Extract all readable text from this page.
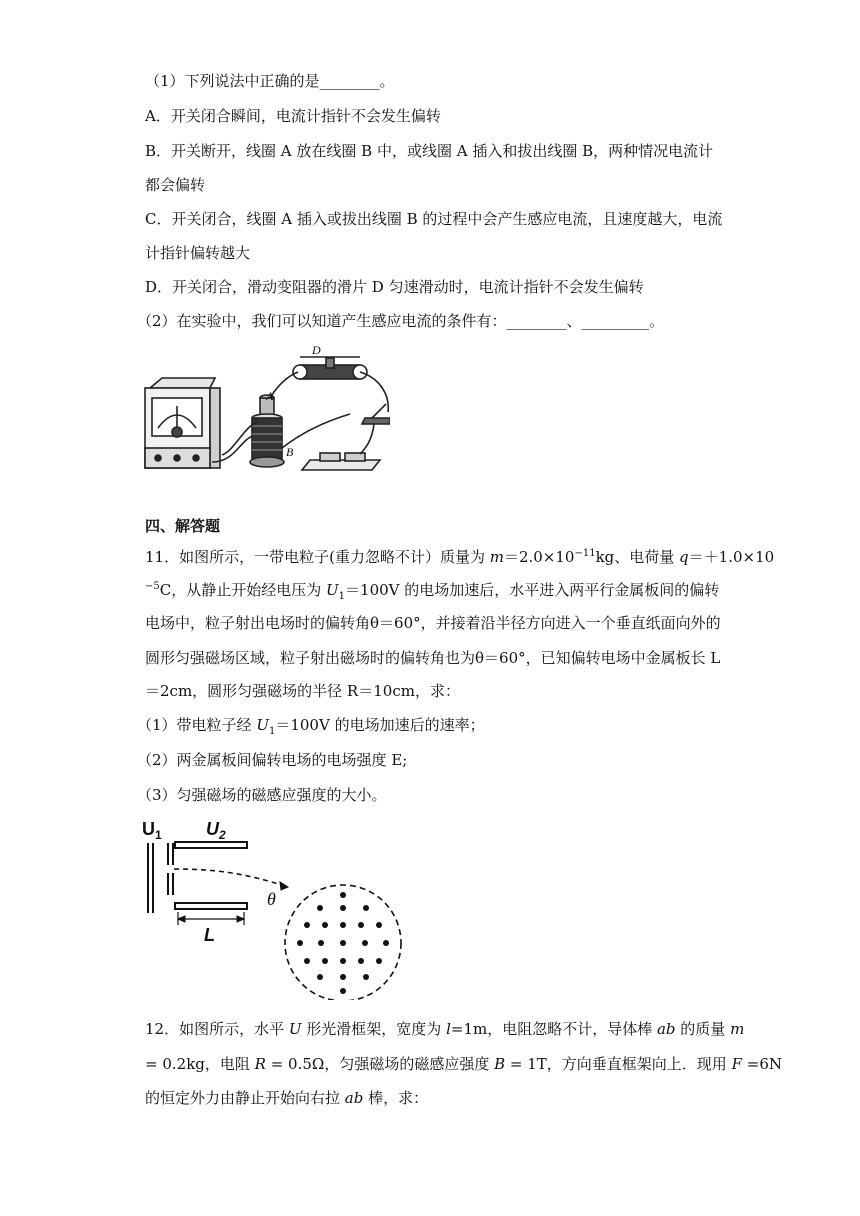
（1）下列说法中正确的是________。
A．开关闭合瞬间，电流计指针不会发生偏转
B．开关断开，线圈 A 放在线圈 B 中，或线圈 A 插入和拔出线圈 B，两种情况电流计
都会偏转
C．开关闭合，线圈 A 插入或拔出线圈 B 的过程中会产生感应电流，且速度越大，电流
计指针偏转越大
D．开关闭合，滑动变阻器的滑片 D 匀速滑动时，电流计指针不会发生偏转
（2）在实验中，我们可以知道产生感应电流的条件有：________、_________。
D
A
B
四、解答题
11．如图所示，一带电粒子(重力忽略不计）质量为 $m=2.0\times 10^{-11}kg$、电荷量 q＝＋1.0×10
$^{-5}$C，从静止开始经电压为 $U_1=100V$ 的电场加速后，水平进入两平行金属板间的偏转
电场中，粒子射出电场时的偏转角θ＝60°，并接着沿半径方向进入一个垂直纸面向外的
圆形匀强磁场区域，粒子射出磁场时的偏转角也为θ＝60°，已知偏转电场中金属板长 L
＝2cm，圆形匀强磁场的半径 R＝10cm，求：
（1）带电粒子经 $U_1=100V$ 的电场加速后的速率；
（2）两金属板间偏转电场的电场强度 E;
（3）匀强磁场的磁感应强度的大小。
$U_1$ $U_2$
L
θ
12．如图所示，水平 U 形光滑框架，宽度为 l=1m，电阻忽略不计，导体棒 ab 的质量 m
= 0.2kg，电阻 R = 0.5Ω，匀强磁场的磁感应强度 B = 1T，方向垂直框架向上．现用 F =6N
的恒定外力由静止开始向右拉 ab 棒，求：
